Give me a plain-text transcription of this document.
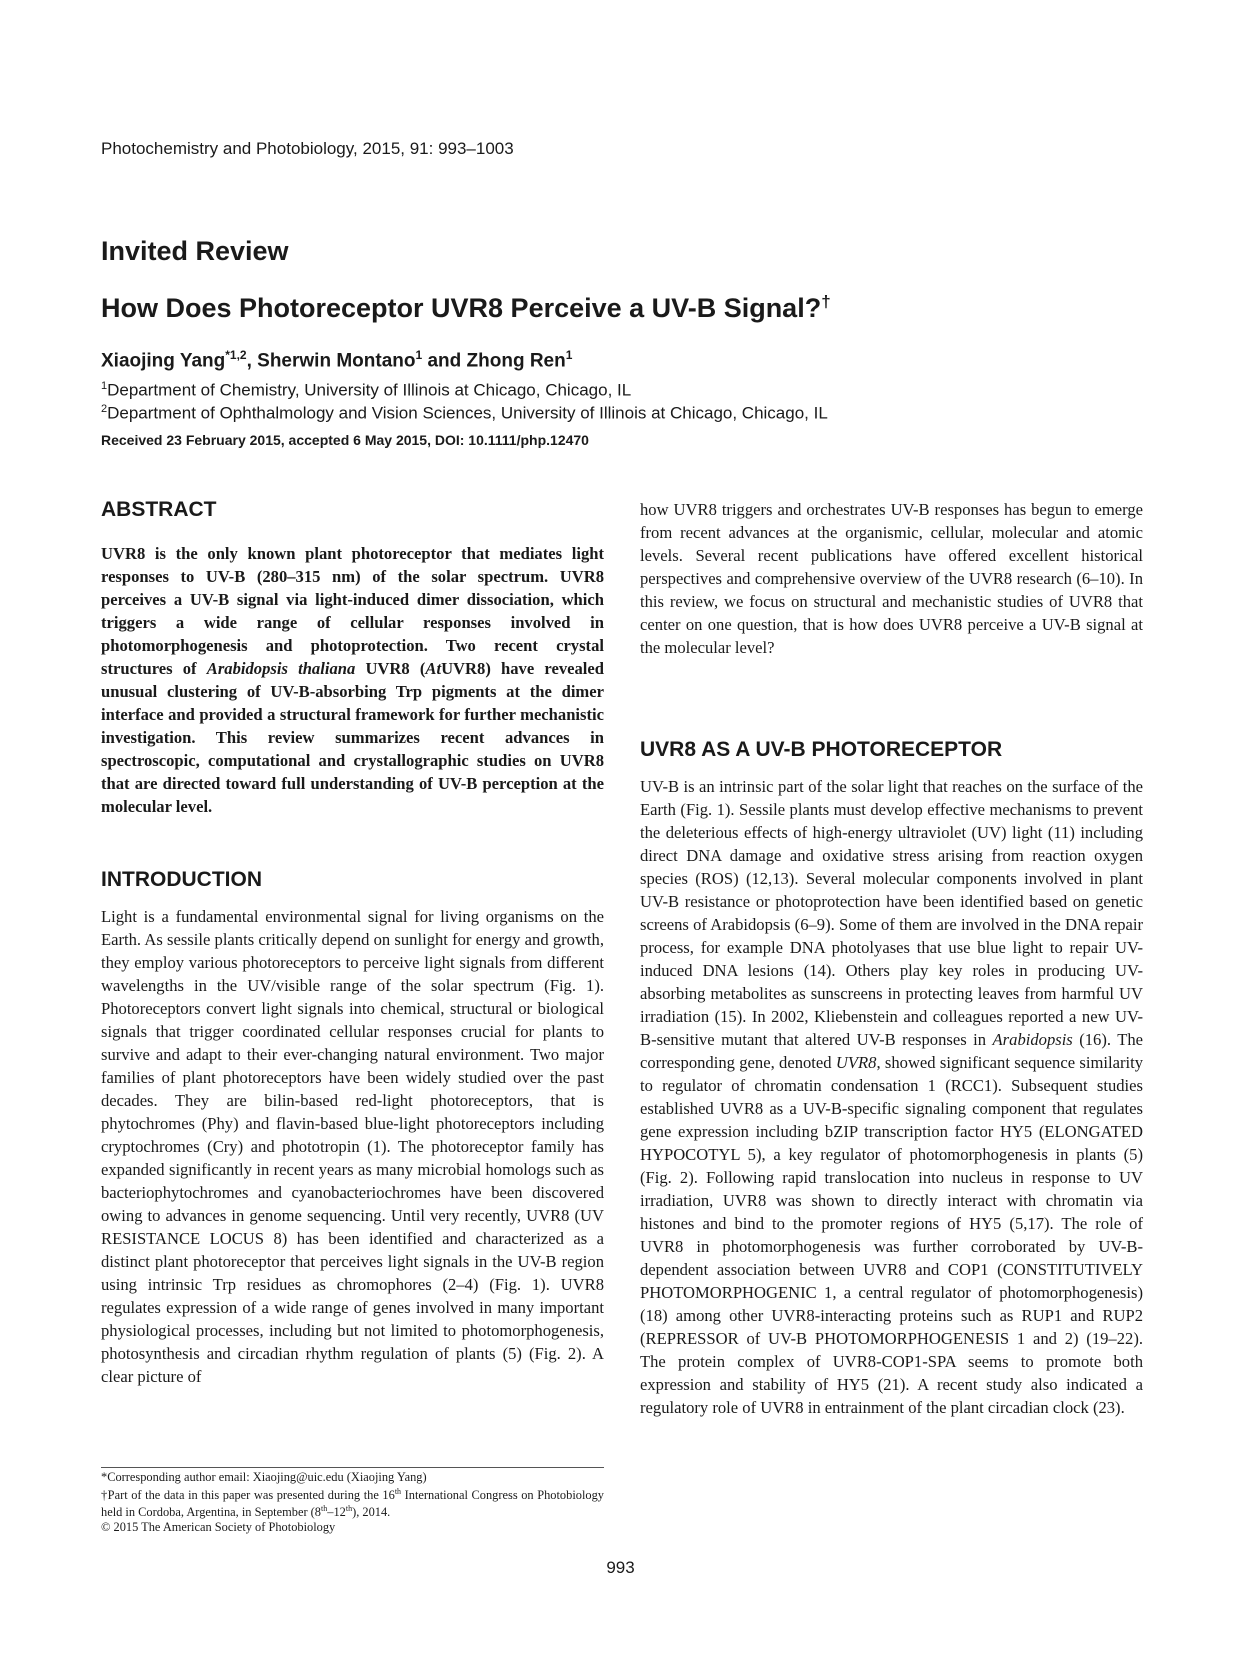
Photochemistry and Photobiology, 2015, 91: 993–1003
Invited Review
How Does Photoreceptor UVR8 Perceive a UV-B Signal?†
Xiaojing Yang$^{*1,2}$, Sherwin Montano$^1$ and Zhong Ren$^1$
$^1$Department of Chemistry, University of Illinois at Chicago, Chicago, IL
$^2$Department of Ophthalmology and Vision Sciences, University of Illinois at Chicago, Chicago, IL
Received 23 February 2015, accepted 6 May 2015, DOI: 10.1111/php.12470
ABSTRACT

UVR8 is the only known plant photoreceptor that mediates light responses to UV-B (280–315 nm) of the solar spectrum. UVR8 perceives a UV-B signal via light-induced dimer dissociation, which triggers a wide range of cellular responses involved in photomorphogenesis and photoprotection. Two recent crystal structures of Arabidopsis thaliana UVR8 (AtUVR8) have revealed unusual clustering of UV-B-absorbing Trp pigments at the dimer interface and provided a structural framework for further mechanistic investigation. This review summarizes recent advances in spectroscopic, computational and crystallographic studies on UVR8 that are directed toward full understanding of UV-B perception at the molecular level.

INTRODUCTION

Light is a fundamental environmental signal for living organisms on the Earth. As sessile plants critically depend on sunlight for energy and growth, they employ various photoreceptors to perceive light signals from different wavelengths in the UV/visible range of the solar spectrum (Fig. 1). Photoreceptors convert light signals into chemical, structural or biological signals that trigger coordinated cellular responses crucial for plants to survive and adapt to their ever-changing natural environment. Two major families of plant photoreceptors have been widely studied over the past decades. They are bilin-based red-light photoreceptors, that is phytochromes (Phy) and flavin-based blue-light photoreceptors including cryptochromes (Cry) and phototropin (1). The photoreceptor family has expanded significantly in recent years as many microbial homologs such as bacteriophytochromes and cyanobacteriochromes have been discovered owing to advances in genome sequencing. Until very recently, UVR8 (UV RESISTANCE LOCUS 8) has been identified and characterized as a distinct plant photoreceptor that perceives light signals in the UV-B region using intrinsic Trp residues as chromophores (2–4) (Fig. 1). UVR8 regulates expression of a wide range of genes involved in many important physiological processes, including but not limited to photomorphogenesis, photosynthesis and circadian rhythm regulation of plants (5) (Fig. 2). A clear picture of

*Corresponding author email: Xiaojing@uic.edu (Xiaojing Yang)

†Part of the data in this paper was presented during the 16th International Congress on Photobiology held in Cordoba, Argentina, in September (8th–12th), 2014.

© 2015 The American Society of Photobiology

how UVR8 triggers and orchestrates UV-B responses has begun to emerge from recent advances at the organismic, cellular, molecular and atomic levels. Several recent publications have offered excellent historical perspectives and comprehensive overview of the UVR8 research (6–10). In this review, we focus on structural and mechanistic studies of UVR8 that center on one question, that is how does UVR8 perceive a UV-B signal at the molecular level?

UVR8 AS A UV-B PHOTORECEPTOR

UV-B is an intrinsic part of the solar light that reaches on the surface of the Earth (Fig. 1). Sessile plants must develop effective mechanisms to prevent the deleterious effects of high-energy ultraviolet (UV) light (11) including direct DNA damage and oxidative stress arising from reaction oxygen species (ROS) (12,13). Several molecular components involved in plant UV-B resistance or photoprotection have been identified based on genetic screens of Arabidopsis (6–9). Some of them are involved in the DNA repair process, for example DNA photolyases that use blue light to repair UV-induced DNA lesions (14). Others play key roles in producing UV-absorbing metabolites as sunscreens in protecting leaves from harmful UV irradiation (15). In 2002, Kliebenstein and colleagues reported a new UV-B-sensitive mutant that altered UV-B responses in Arabidopsis (16). The corresponding gene, denoted UVR8, showed significant sequence similarity to regulator of chromatin condensation 1 (RCC1). Subsequent studies established UVR8 as a UV-B-specific signaling component that regulates gene expression including bZIP transcription factor HY5 (ELONGATED HYPOCOTYL 5), a key regulator of photomorphogenesis in plants (5) (Fig. 2). Following rapid translocation into nucleus in response to UV irradiation, UVR8 was shown to directly interact with chromatin via histones and bind to the promoter regions of HY5 (5,17). The role of UVR8 in photomorphogenesis was further corroborated by UV-B-dependent association between UVR8 and COP1 (CONSTITUTIVELY PHOTOMORPHOGENIC 1, a central regulator of photomorphogenesis) (18) among other UVR8-interacting proteins such as RUP1 and RUP2 (REPRESSOR of UV-B PHOTOMORPHOGENESIS 1 and 2) (19–22). The protein complex of UVR8-COP1-SPA seems to promote both expression and stability of HY5 (21). A recent study also indicated a regulatory role of UVR8 in entrainment of the plant circadian clock (23).

993
